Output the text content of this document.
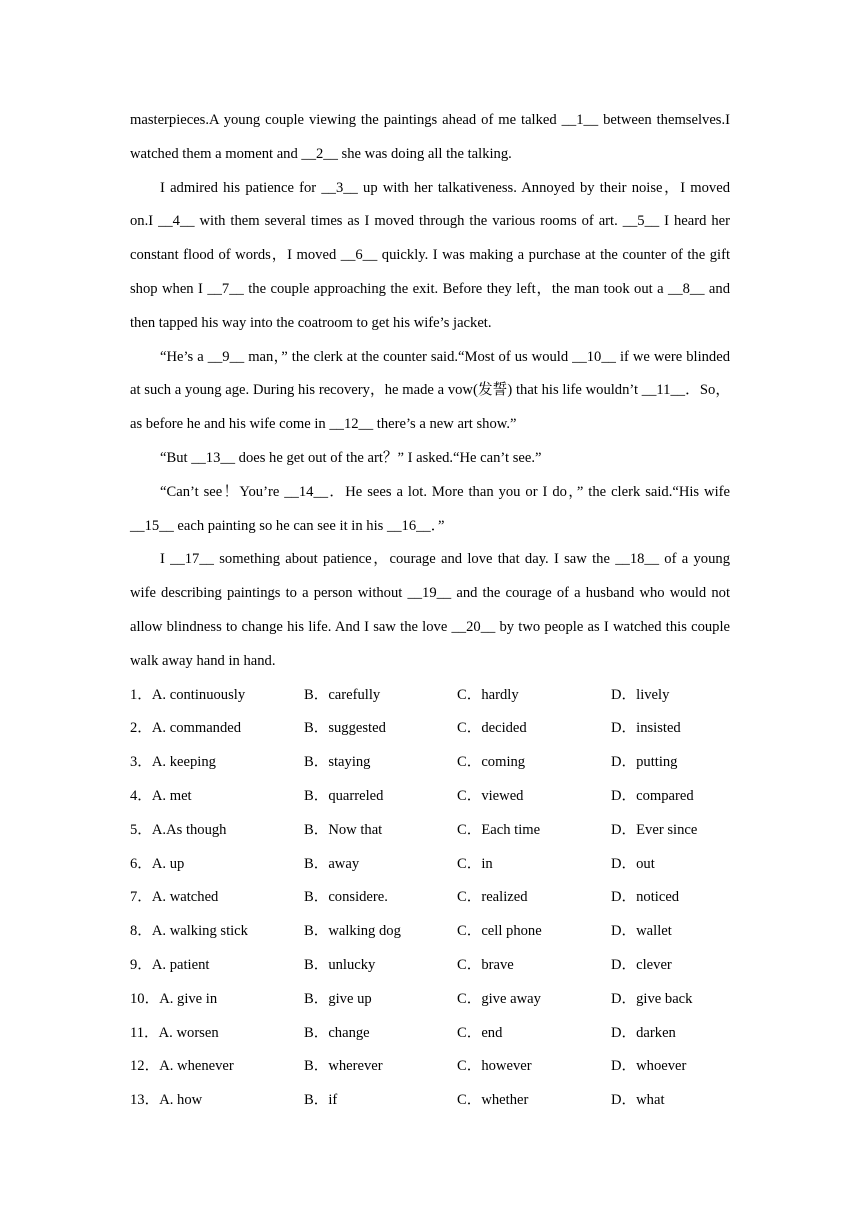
masterpieces.A young couple viewing the paintings ahead of me talked __1__ between themselves.I watched them a moment and __2__ she was doing all the talking.

I admired his patience for __3__ up with her talkativeness. Annoyed by their noise，I moved on.I __4__ with them several times as I moved through the various rooms of art. __5__ I heard her constant flood of words，I moved __6__ quickly. I was making a purchase at the counter of the gift shop when I __7__ the couple approaching the exit. Before they left，the man took out a __8__ and then tapped his way into the coatroom to get his wife’s jacket.

“He’s a __9__ man，” the clerk at the counter said.“Most of us would __10__ if we were blinded at such a young age. During his recovery，he made a vow(发誓) that his life wouldn’t __11__．So，as before he and his wife come in __12__ there’s a new art show.”

“But __13__ does he get out of the art？” I asked.“He can’t see.”

“Can’t see！You’re __14__．He sees a lot. More than you or I do，” the clerk said.“His wife __15__ each painting so he can see it in his __16__．”

I __17__ something about patience，courage and love that day. I saw the __18__ of a young wife describing paintings to a person without __19__ and the courage of a husband who would not allow blindness to change his life. And I saw the love __20__ by two people as I watched this couple walk away hand in hand.

1．A. continuously	B．carefully	C．hardly	D．lively
2．A. commanded	B．suggested	C．decided	D．insisted
3．A. keeping	B．staying	C．coming	D．putting
4．A. met	B．quarreled	C．viewed	D．compared
5．A.As though	B．Now that	C．Each time	D．Ever since
6．A. up	B．away	C．in	D．out
7．A. watched	B．considere.	C．realized	D．noticed
8．A. walking stick	B．walking dog	C．cell phone	D．wallet
9．A. patient	B．unlucky	C．brave	D．clever
10．A. give in	B．give up	C．give away	D．give back
11．A. worsen	B．change	C．end	D．darken
12．A. whenever	B．wherever	C．however	D．whoever
13．A. how	B．if	C．whether	D．what
